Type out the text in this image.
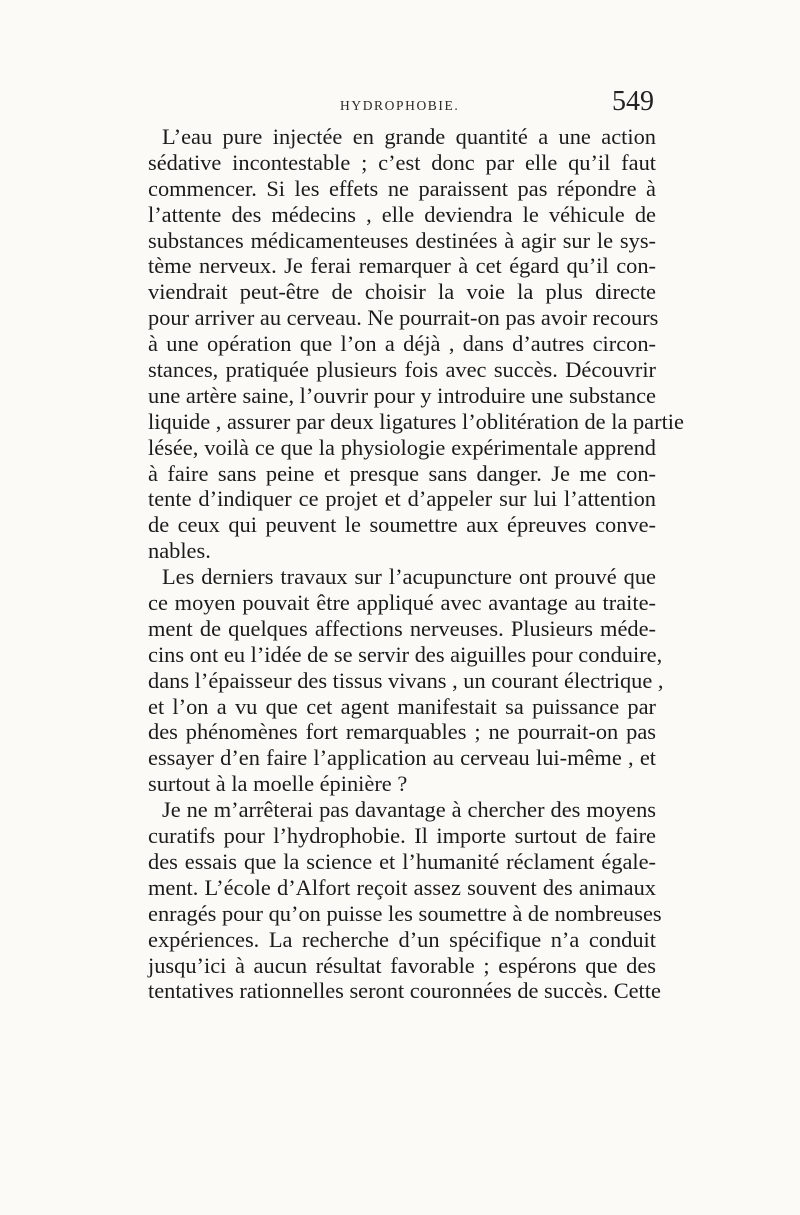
HYDROPHOBIE.	549
L’eau pure injectée en grande quantité a une action
sédative incontestable ; c’est donc par elle qu’il faut
commencer. Si les effets ne paraissent pas répondre à
l’attente des médecins , elle deviendra le véhicule de
substances médicamenteuses destinées à agir sur le sys-
tème nerveux. Je ferai remarquer à cet égard qu’il con-
viendrait peut-être de choisir la voie la plus directe
pour arriver au cerveau. Ne pourrait-on pas avoir recours
à une opération que l’on a déjà , dans d’autres circon-
stances, pratiquée plusieurs fois avec succès. Découvrir
une artère saine, l’ouvrir pour y introduire une substance
liquide , assurer par deux ligatures l’oblitération de la partie
lésée, voilà ce que la physiologie expérimentale apprend
à faire sans peine et presque sans danger. Je me con-
tente d’indiquer ce projet et d’appeler sur lui l’attention
de ceux qui peuvent le soumettre aux épreuves conve-
nables.
Les derniers travaux sur l’acupuncture ont prouvé que
ce moyen pouvait être appliqué avec avantage au traite-
ment de quelques affections nerveuses. Plusieurs méde-
cins ont eu l’idée de se servir des aiguilles pour conduire,
dans l’épaisseur des tissus vivans , un courant électrique ,
et l’on a vu que cet agent manifestait sa puissance par
des phénomènes fort remarquables ; ne pourrait-on pas
essayer d’en faire l’application au cerveau lui-même , et
surtout à la moelle épinière ?
Je ne m’arrêterai pas davantage à chercher des moyens
curatifs pour l’hydrophobie. Il importe surtout de faire
des essais que la science et l’humanité réclament égale-
ment. L’école d’Alfort reçoit assez souvent des animaux
enragés pour qu’on puisse les soumettre à de nombreuses
expériences. La recherche d’un spécifique n’a conduit
jusqu’ici à aucun résultat favorable ; espérons que des
tentatives rationnelles seront couronnées de succès. Cette
